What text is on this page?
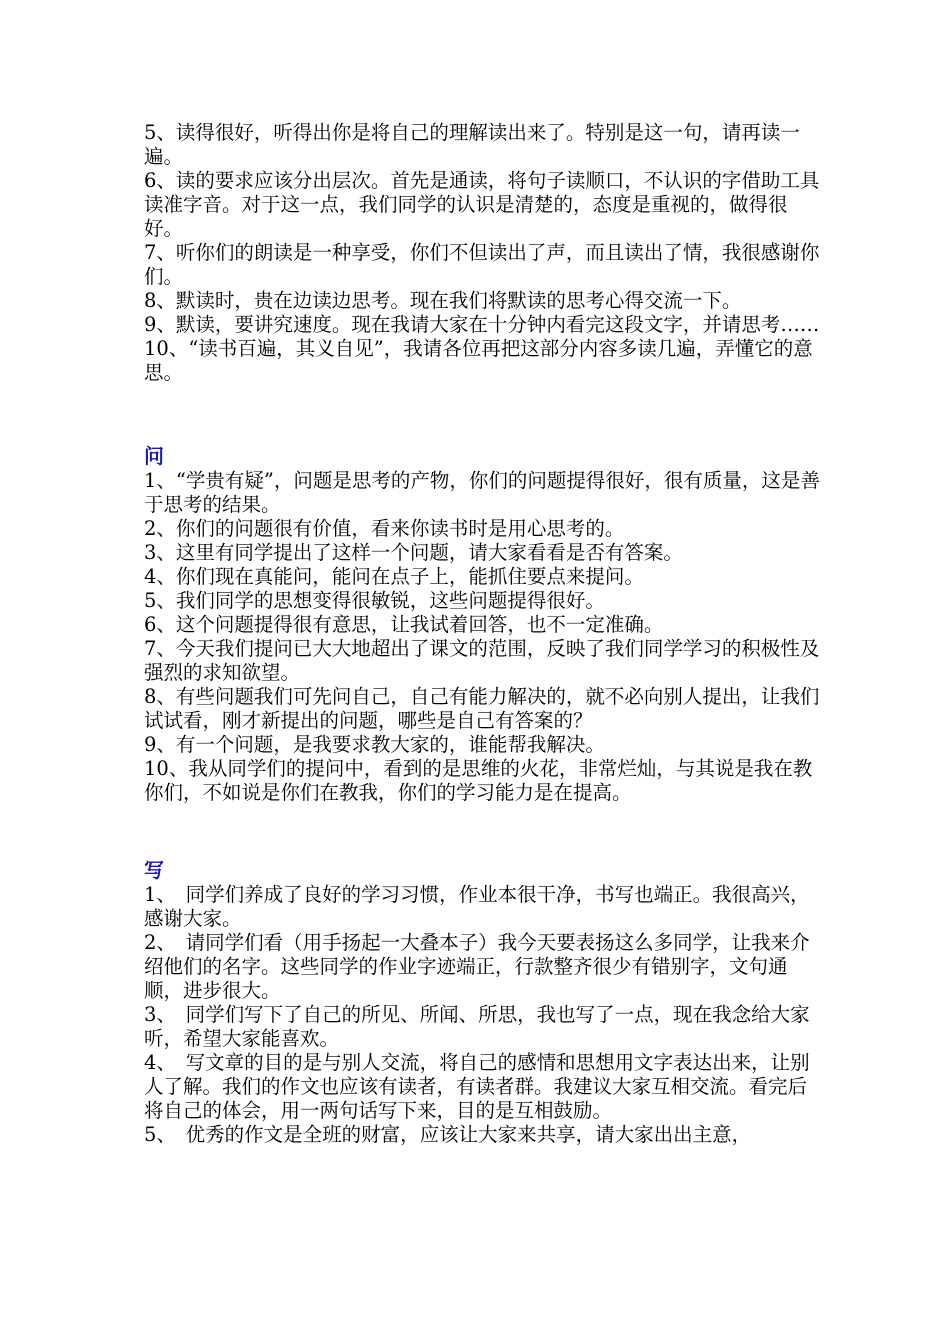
5、读得很好，听得出你是将自己的理解读出来了。特别是这一句，请再读一遍。

6、读的要求应该分出层次。首先是通读，将句子读顺口，不认识的字借助工具读准字音。对于这一点，我们同学的认识是清楚的，态度是重视的，做得很好。

7、听你们的朗读是一种享受，你们不但读出了声，而且读出了情，我很感谢你们。

8、默读时，贵在边读边思考。现在我们将默读的思考心得交流一下。

9、默读，要讲究速度。现在我请大家在十分钟内看完这段文字，并请思考……

10、“读书百遍，其义自见”，我请各位再把这部分内容多读几遍，弄懂它的意思。

问

1、“学贵有疑”，问题是思考的产物，你们的问题提得很好，很有质量，这是善于思考的结果。

2、你们的问题很有价值，看来你读书时是用心思考的。

3、这里有同学提出了这样一个问题，请大家看看是否有答案。

4、你们现在真能问，能问在点子上，能抓住要点来提问。

5、我们同学的思想变得很敏锐，这些问题提得很好。

6、这个问题提得很有意思，让我试着回答，也不一定准确。

7、今天我们提问已大大地超出了课文的范围，反映了我们同学学习的积极性及强烈的求知欲望。

8、有些问题我们可先问自己，自己有能力解决的，就不必向别人提出，让我们试试看，刚才新提出的问题，哪些是自己有答案的？

9、有一个问题，是我要求教大家的，谁能帮我解决。

10、我从同学们的提问中，看到的是思维的火花，非常烂灿，与其说是我在教你们，不如说是你们在教我，你们的学习能力是在提高。

写

1、　同学们养成了良好的学习习惯，作业本很干净，书写也端正。我很高兴，感谢大家。

2、　请同学们看（用手扬起一大叠本子）我今天要表扬这么多同学，让我来介绍他们的名字。这些同学的作业字迹端正，行款整齐很少有错别字，文句通顺，进步很大。

3、　同学们写下了自己的所见、所闻、所思，我也写了一点，现在我念给大家听，希望大家能喜欢。

4、　写文章的目的是与别人交流，将自己的感情和思想用文字表达出来，让别人了解。我们的作文也应该有读者，有读者群。我建议大家互相交流。看完后将自己的体会，用一两句话写下来，目的是互相鼓励。

5、　优秀的作文是全班的财富，应该让大家来共享，请大家出出主意，
